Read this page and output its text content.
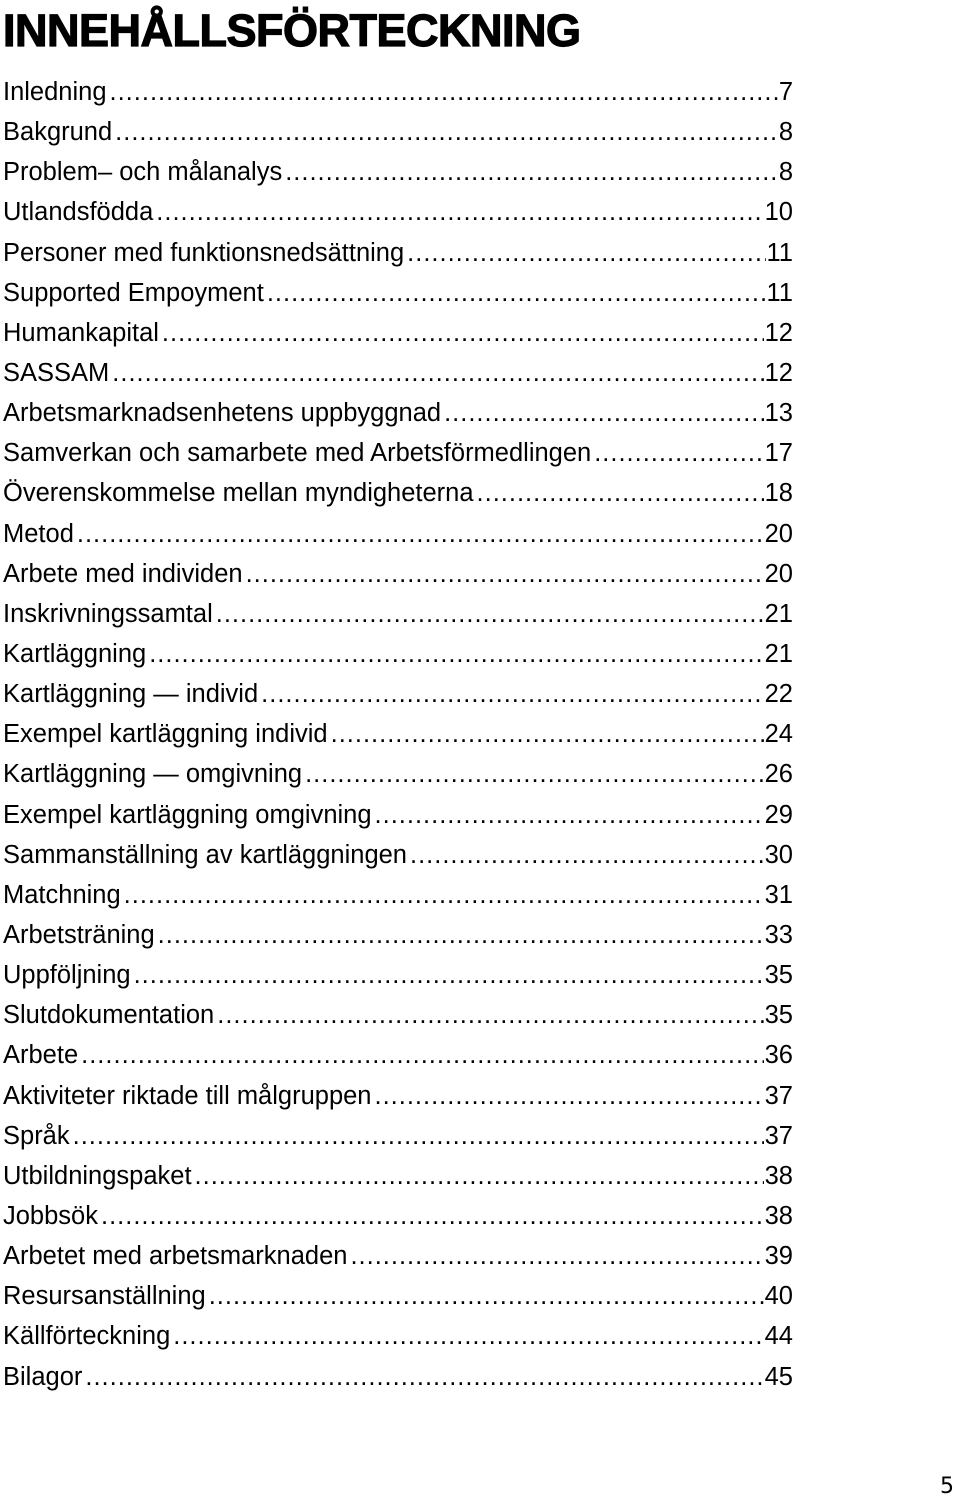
INNEHÅLLSFÖRTECKNING
Inledning .....	7
Bakgrund .....	8
Problem– och målanalys .....	8
Utlandsfödda .....	10
Personer med funktionsnedsättning .....	11
Supported Empoyment .....	11
Humankapital .....	12
SASSAM .....	12
Arbetsmarknadsenhetens uppbyggnad .....	13
Samverkan och samarbete med Arbetsförmedlingen .....	17
Överenskommelse mellan myndigheterna .....	18
Metod .....	20
Arbete med individen .....	20
Inskrivningssamtal .....	21
Kartläggning .....	21
Kartläggning — individ .....	22
Exempel kartläggning individ .....	24
Kartläggning — omgivning .....	26
Exempel kartläggning omgivning .....	29
Sammanställning av kartläggningen .....	30
Matchning .....	31
Arbetsträning .....	33
Uppföljning .....	35
Slutdokumentation .....	35
Arbete .....	36
Aktiviteter riktade till målgruppen .....	37
Språk .....	37
Utbildningspaket .....	38
Jobbsök .....	38
Arbetet med arbetsmarknaden .....	39
Resursanställning .....	40
Källförteckning .....	44
Bilagor .....	45
5
